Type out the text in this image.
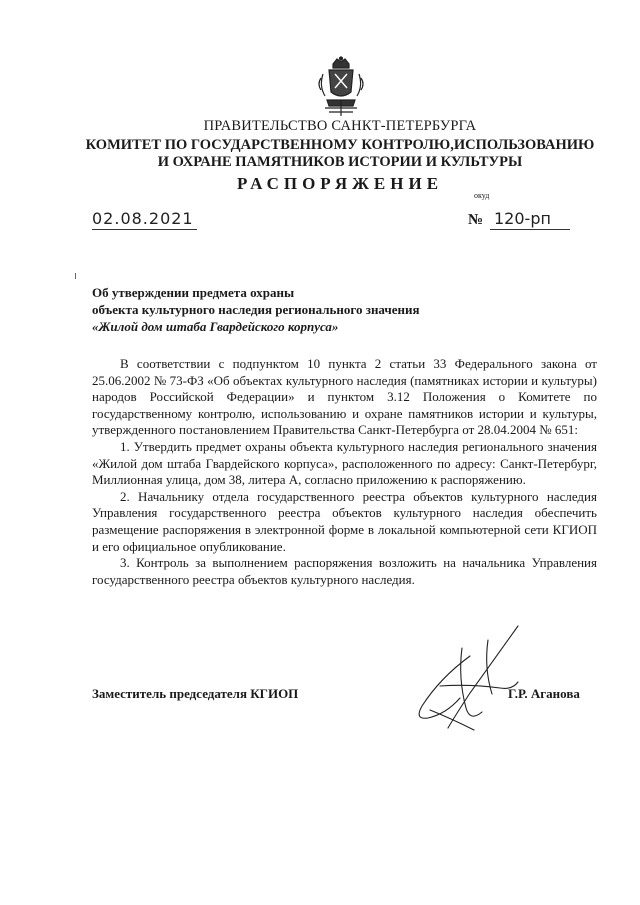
ПРАВИТЕЛЬСТВО САНКТ-ПЕТЕРБУРГА
КОМИТЕТ ПО ГОСУДАРСТВЕННОМУ КОНТРОЛЮ,ИСПОЛЬЗОВАНИЮ
И ОХРАНЕ ПАМЯТНИКОВ ИСТОРИИ И КУЛЬТУРЫ
РАСПОРЯЖЕНИЕ
окуд
02.08.2021	№ 120-рп
Об утверждении предмета охраны
объекта культурного наследия регионального значения
«Жилой дом штаба Гвардейского корпуса»

В соответствии с подпунктом 10 пункта 2 статьи 33 Федерального закона от 25.06.2002 № 73-ФЗ «Об объектах культурного наследия (памятниках истории и культуры) народов Российской Федерации» и пунктом 3.12 Положения о Комитете по государственному контролю, использованию и охране памятников истории и культуры, утвержденного постановлением Правительства Санкт-Петербурга от 28.04.2004 № 651:

1. Утвердить предмет охраны объекта культурного наследия регионального значения «Жилой дом штаба Гвардейского корпуса», расположенного по адресу: Санкт-Петербург, Миллионная улица, дом 38, литера А, согласно приложению к распоряжению.

2. Начальнику отдела государственного реестра объектов культурного наследия Управления государственного реестра объектов культурного наследия обеспечить размещение распоряжения в электронной форме в локальной компьютерной сети КГИОП и его официальное опубликование.

3. Контроль за выполнением распоряжения возложить на начальника Управления государственного реестра объектов культурного наследия.

Заместитель председателя КГИОП	Г.Р. Аганова
